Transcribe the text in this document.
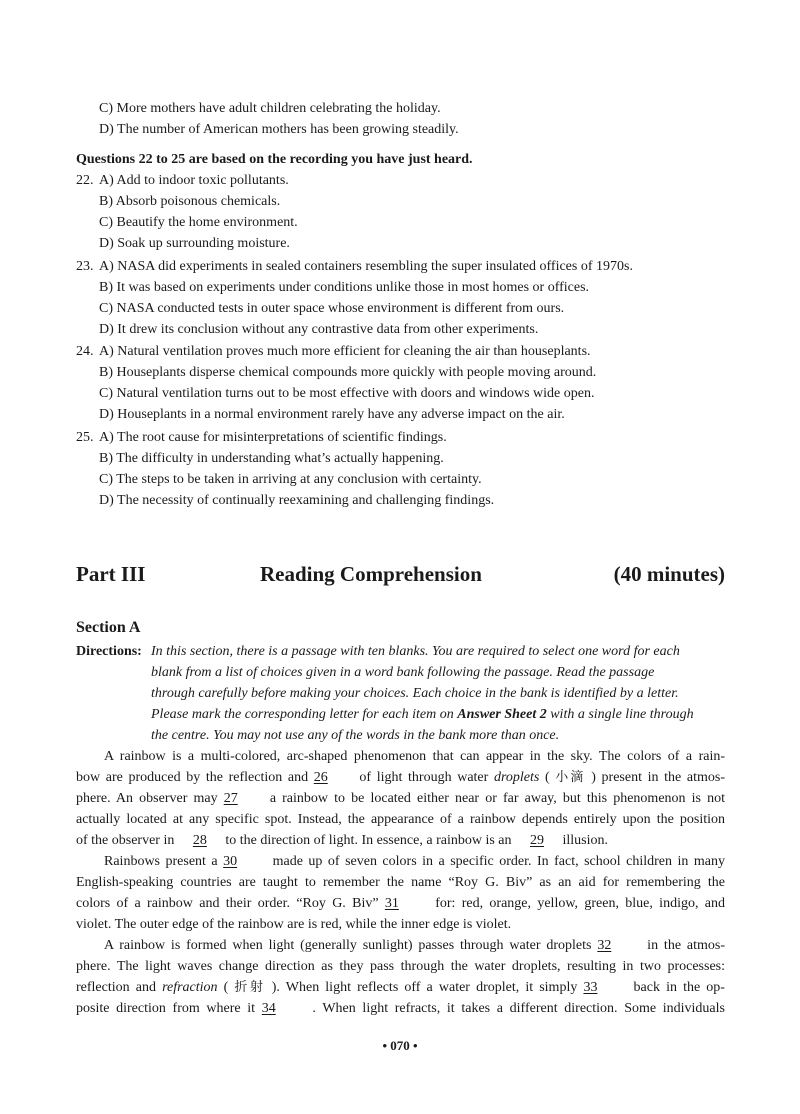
C) More mothers have adult children celebrating the holiday.
D) The number of American mothers has been growing steadily.
Questions 22 to 25 are based on the recording you have just heard.
22. A) Add to indoor toxic pollutants.
B) Absorb poisonous chemicals.
C) Beautify the home environment.
D) Soak up surrounding moisture.
23. A) NASA did experiments in sealed containers resembling the super insulated offices of 1970s.
B) It was based on experiments under conditions unlike those in most homes or offices.
C) NASA conducted tests in outer space whose environment is different from ours.
D) It drew its conclusion without any contrastive data from other experiments.
24. A) Natural ventilation proves much more efficient for cleaning the air than houseplants.
B) Houseplants disperse chemical compounds more quickly with people moving around.
C) Natural ventilation turns out to be most effective with doors and windows wide open.
D) Houseplants in a normal environment rarely have any adverse impact on the air.
25. A) The root cause for misinterpretations of scientific findings.
B) The difficulty in understanding what’s actually happening.
C) The steps to be taken in arriving at any conclusion with certainty.
D) The necessity of continually reexamining and challenging findings.
Part III	Reading Comprehension	(40 minutes)
Section A
Directions: In this section, there is a passage with ten blanks. You are required to select one word for each
blank from a list of choices given in a word bank following the passage. Read the passage
through carefully before making your choices. Each choice in the bank is identified by a letter.
Please mark the corresponding letter for each item on Answer Sheet 2 with a single line through
the centre. You may not use any of the words in the bank more than once.
A rainbow is a multi-colored, arc-shaped phenomenon that can appear in the sky. The colors of a rain-
bow are produced by the reflection and 26 of light through water droplets ( 小滴 ) present in the atmos-
phere. An observer may 27 a rainbow to be located either near or far away, but this phenomenon is not
actually located at any specific spot. Instead, the appearance of a rainbow depends entirely upon the position
of the observer in 28 to the direction of light. In essence, a rainbow is an 29 illusion.
Rainbows present a 30 made up of seven colors in a specific order. In fact, school children in many
English-speaking countries are taught to remember the name “Roy G. Biv” as an aid for remembering the
colors of a rainbow and their order. “Roy G. Biv” 31 for: red, orange, yellow, green, blue, indigo, and
violet. The outer edge of the rainbow are is red, while the inner edge is violet.
A rainbow is formed when light (generally sunlight) passes through water droplets 32 in the atmos-
phere. The light waves change direction as they pass through the water droplets, resulting in two processes:
reflection and refraction ( 折射 ). When light reflects off a water droplet, it simply 33 back in the op-
posite direction from where it 34 . When light refracts, it takes a different direction. Some individuals
• 070 •
